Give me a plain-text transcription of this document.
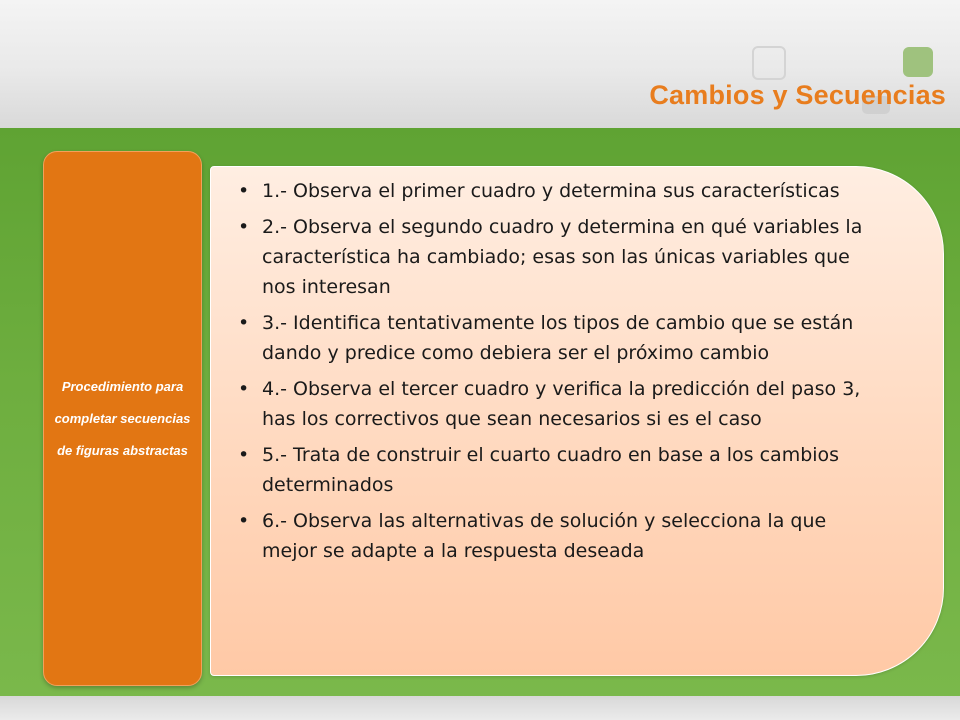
Cambios y Secuencias
Procedimiento para completar secuencias de figuras abstractas
• 1.- Observa el primer cuadro y determina sus características
• 2.- Observa el segundo cuadro y determina en qué variables la característica ha cambiado; esas son las únicas variables que nos interesan
• 3.- Identifica tentativamente los tipos de cambio que se están dando y predice como debiera ser el próximo cambio
• 4.- Observa el tercer cuadro y verifica la predicción del paso 3, has los correctivos que sean necesarios si es el caso
• 5.- Trata de construir el cuarto cuadro en base a los cambios determinados
• 6.- Observa las alternativas de solución y selecciona la que mejor se adapte a la respuesta deseada
